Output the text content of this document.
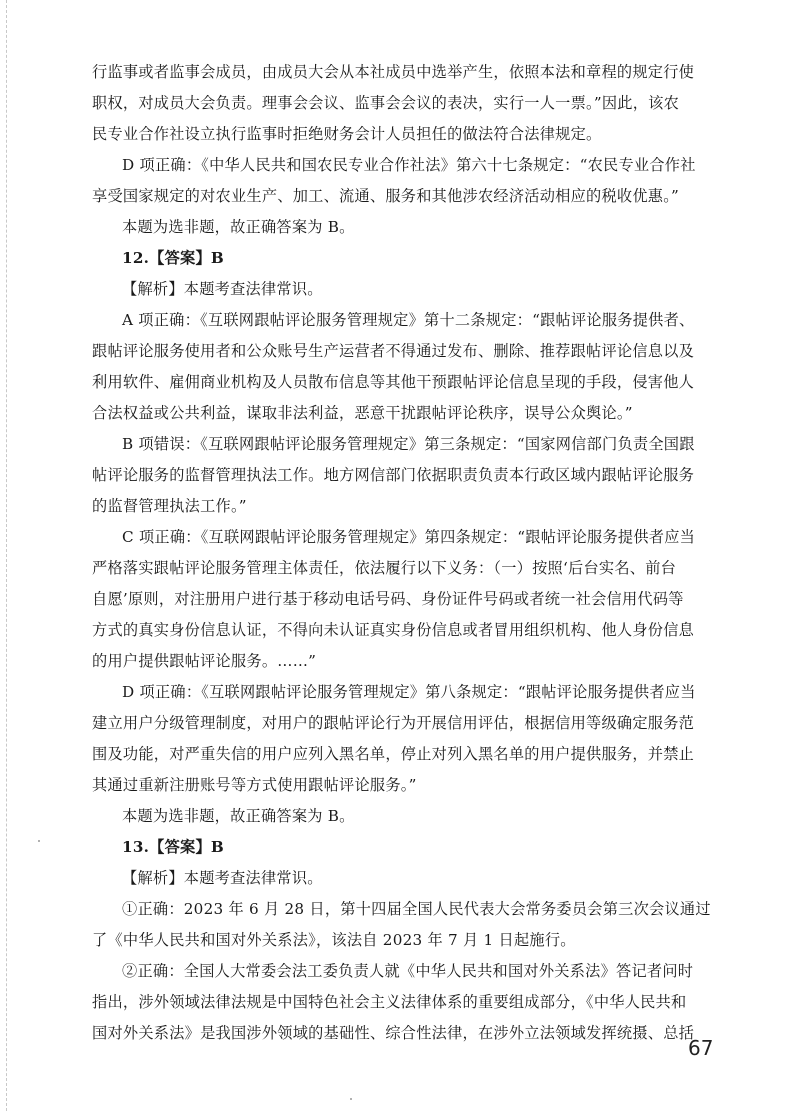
行监事或者监事会成员，由成员大会从本社成员中选举产生，依照本法和章程的规定行使

职权，对成员大会负责。理事会会议、监事会会议的表决，实行一人一票。”因此，该农

民专业合作社设立执行监事时拒绝财务会计人员担任的做法符合法律规定。

D 项正确：《中华人民共和国农民专业合作社法》第六十七条规定：“农民专业合作社

享受国家规定的对农业生产、加工、流通、服务和其他涉农经济活动相应的税收优惠。”

本题为选非题，故正确答案为 B。

12.【答案】B

【解析】本题考查法律常识。

A 项正确：《互联网跟帖评论服务管理规定》第十二条规定：“跟帖评论服务提供者、

跟帖评论服务使用者和公众账号生产运营者不得通过发布、删除、推荐跟帖评论信息以及

利用软件、雇佣商业机构及人员散布信息等其他干预跟帖评论信息呈现的手段，侵害他人

合法权益或公共利益，谋取非法利益，恶意干扰跟帖评论秩序，误导公众舆论。”

B 项错误：《互联网跟帖评论服务管理规定》第三条规定：“国家网信部门负责全国跟

帖评论服务的监督管理执法工作。地方网信部门依据职责负责本行政区域内跟帖评论服务

的监督管理执法工作。”

C 项正确：《互联网跟帖评论服务管理规定》第四条规定：“跟帖评论服务提供者应当

严格落实跟帖评论服务管理主体责任，依法履行以下义务：（一）按照‘后台实名、前台

自愿’原则，对注册用户进行基于移动电话号码、身份证件号码或者统一社会信用代码等

方式的真实身份信息认证，不得向未认证真实身份信息或者冒用组织机构、他人身份信息

的用户提供跟帖评论服务。……”

D 项正确：《互联网跟帖评论服务管理规定》第八条规定：“跟帖评论服务提供者应当

建立用户分级管理制度，对用户的跟帖评论行为开展信用评估，根据信用等级确定服务范

围及功能，对严重失信的用户应列入黑名单，停止对列入黑名单的用户提供服务，并禁止

其通过重新注册账号等方式使用跟帖评论服务。”

本题为选非题，故正确答案为 B。

13.【答案】B

【解析】本题考查法律常识。

①正确：2023 年 6 月 28 日，第十四届全国人民代表大会常务委员会第三次会议通过

了《中华人民共和国对外关系法》，该法自 2023 年 7 月 1 日起施行。

②正确：全国人大常委会法工委负责人就《中华人民共和国对外关系法》答记者问时

指出，涉外领域法律法规是中国特色社会主义法律体系的重要组成部分，《中华人民共和

国对外关系法》是我国涉外领域的基础性、综合性法律，在涉外立法领域发挥统摄、总括

67
